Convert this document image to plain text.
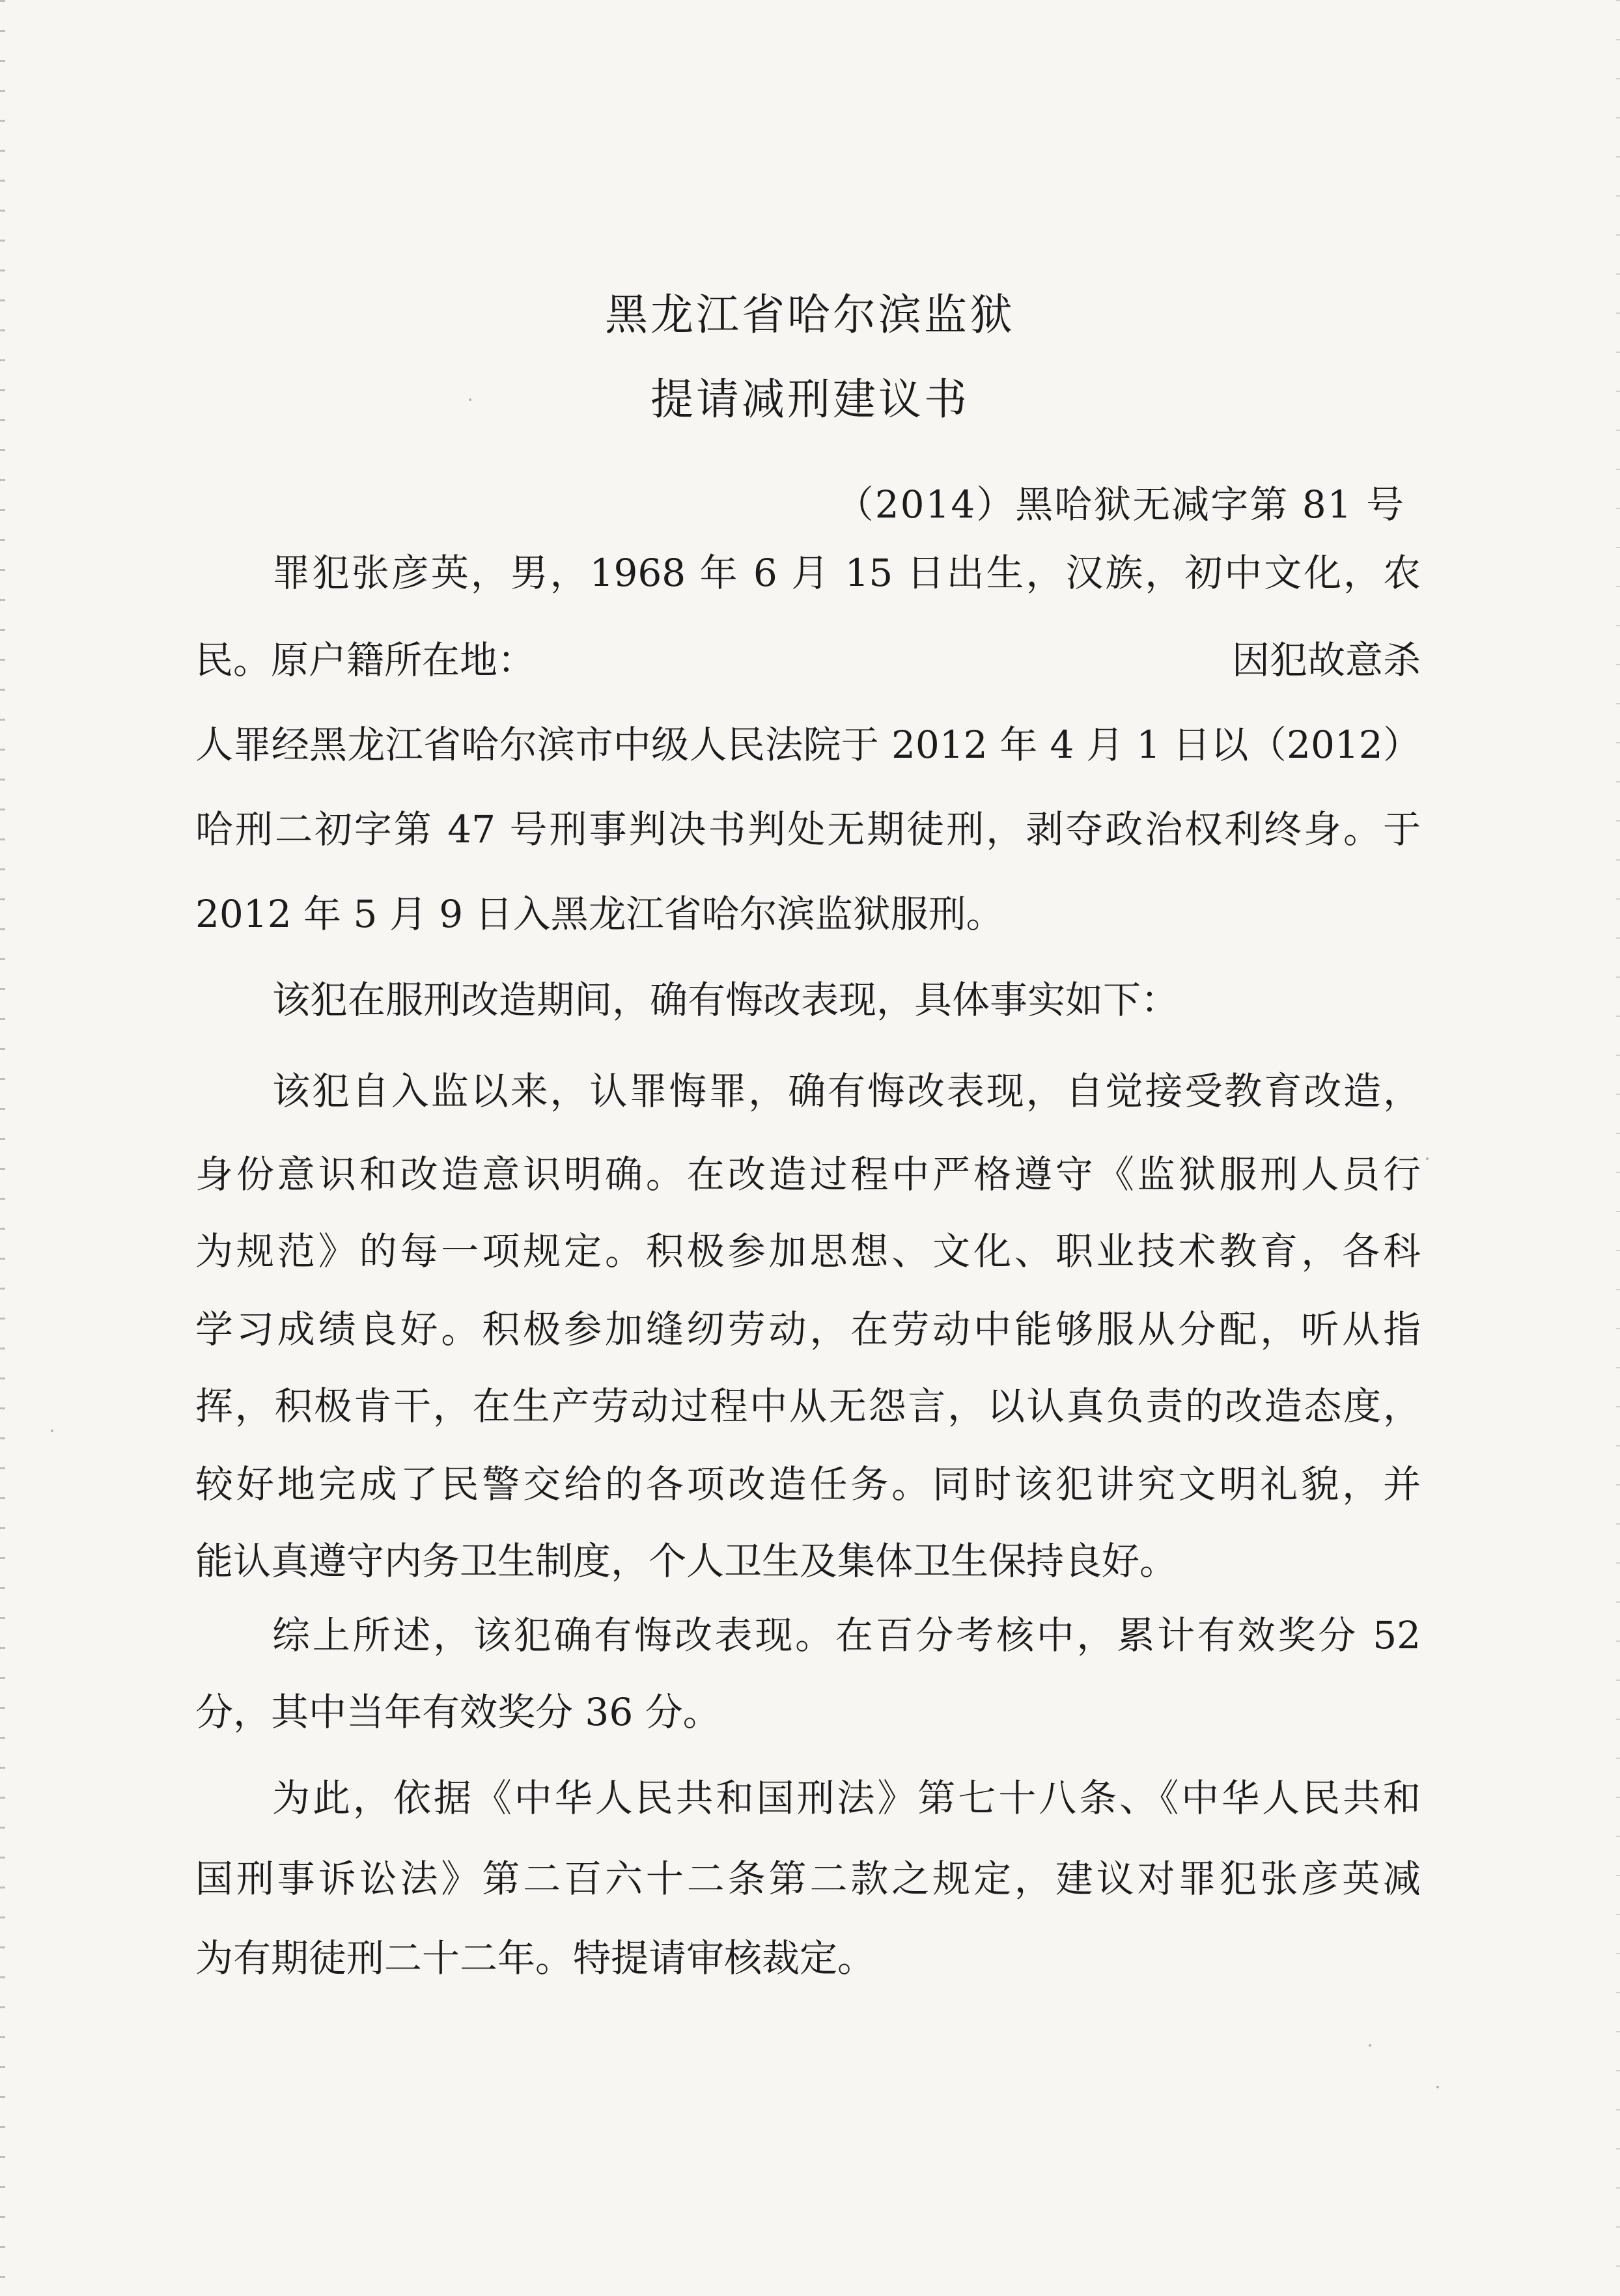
黑龙江省哈尔滨监狱
提请减刑建议书
（2014）黑哈狱无减字第 81 号
罪犯张彦英，男，1968 年 6 月 15 日出生，汉族，初中文化，农
民。原户籍所在地：	因犯故意杀
人罪经黑龙江省哈尔滨市中级人民法院于 2012 年 4 月 1 日以（2012）
哈刑二初字第 47 号刑事判决书判处无期徒刑，剥夺政治权利终身。于
2012 年 5 月 9 日入黑龙江省哈尔滨监狱服刑。
该犯在服刑改造期间，确有悔改表现，具体事实如下：
该犯自入监以来，认罪悔罪，确有悔改表现，自觉接受教育改造，
身份意识和改造意识明确。在改造过程中严格遵守《监狱服刑人员行
为规范》的每一项规定。积极参加思想、文化、职业技术教育，各科
学习成绩良好。积极参加缝纫劳动，在劳动中能够服从分配，听从指
挥，积极肯干，在生产劳动过程中从无怨言，以认真负责的改造态度，
较好地完成了民警交给的各项改造任务。同时该犯讲究文明礼貌，并
能认真遵守内务卫生制度，个人卫生及集体卫生保持良好。
综上所述，该犯确有悔改表现。在百分考核中，累计有效奖分 52
分，其中当年有效奖分 36 分。
为此，依据《中华人民共和国刑法》第七十八条、《中华人民共和
国刑事诉讼法》第二百六十二条第二款之规定，建议对罪犯张彦英减
为有期徒刑二十二年。特提请审核裁定。
